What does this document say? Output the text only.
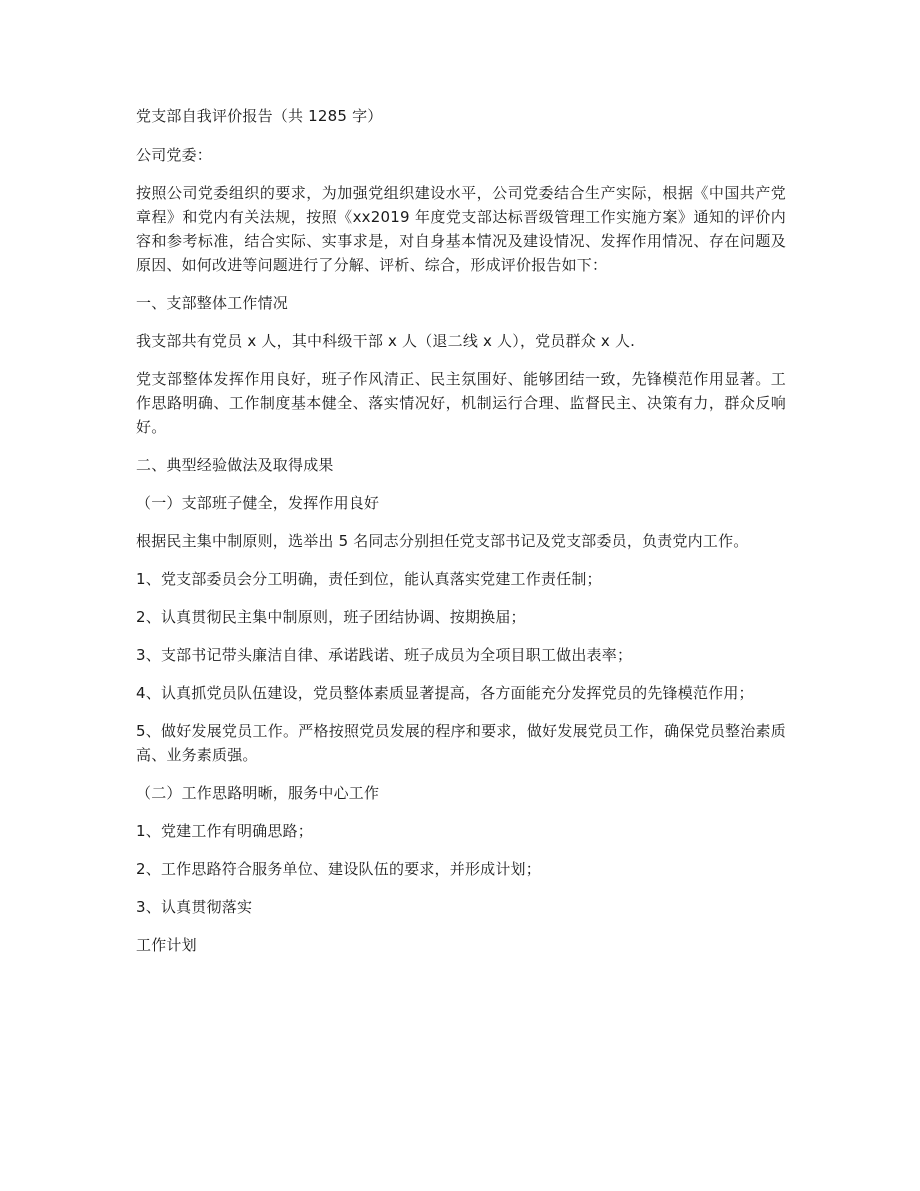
党支部自我评价报告（共 1285 字）

公司党委：

按照公司党委组织的要求，为加强党组织建设水平，公司党委结合生产实际，根据《中国共产党章程》和党内有关法规，按照《xx2019 年度党支部达标晋级管理工作实施方案》通知的评价内容和参考标准，结合实际、实事求是，对自身基本情况及建设情况、发挥作用情况、存在问题及原因、如何改进等问题进行了分解、评析、综合，形成评价报告如下：

一、支部整体工作情况

我支部共有党员 x 人，其中科级干部 x 人（退二线 x 人），党员群众 x 人.

党支部整体发挥作用良好，班子作风清正、民主氛围好、能够团结一致，先锋模范作用显著。工作思路明确、工作制度基本健全、落实情况好，机制运行合理、监督民主、决策有力，群众反响好。

二、典型经验做法及取得成果

（一）支部班子健全，发挥作用良好

根据民主集中制原则，选举出 5 名同志分别担任党支部书记及党支部委员，负责党内工作。

1、党支部委员会分工明确，责任到位，能认真落实党建工作责任制；

2、认真贯彻民主集中制原则，班子团结协调、按期换届；

3、支部书记带头廉洁自律、承诺践诺、班子成员为全项目职工做出表率；

4、认真抓党员队伍建设，党员整体素质显著提高，各方面能充分发挥党员的先锋模范作用；

5、做好发展党员工作。严格按照党员发展的程序和要求，做好发展党员工作，确保党员整治素质高、业务素质强。

（二）工作思路明晰，服务中心工作

1、党建工作有明确思路；

2、工作思路符合服务单位、建设队伍的要求，并形成计划；

3、认真贯彻落实

工作计划
